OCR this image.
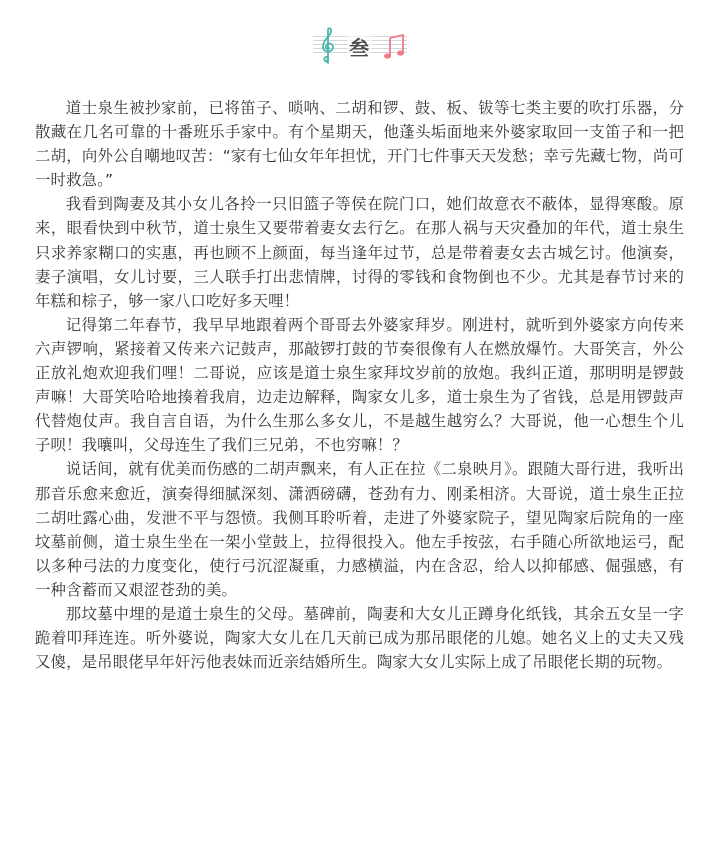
叁

道士泉生被抄家前，已将笛子、唢呐、二胡和锣、鼓、板、钹等七类主要的吹打乐器，分散藏在几名可靠的十番班乐手家中。有个星期天，他蓬头垢面地来外婆家取回一支笛子和一把二胡，向外公自嘲地叹苦：“家有七仙女年年担忧，开门七件事天天发愁；幸亏先藏七物，尚可一时救急。”

我看到陶妻及其小女儿各拎一只旧篮子等侯在院门口，她们故意衣不蔽体，显得寒酸。原来，眼看快到中秋节，道士泉生又要带着妻女去行乞。在那人祸与天灾叠加的年代，道士泉生只求养家糊口的实惠，再也顾不上颜面，每当逢年过节，总是带着妻女去古城乞讨。他演奏，妻子演唱，女儿讨要，三人联手打出悲情牌，讨得的零钱和食物倒也不少。尤其是春节讨来的年糕和棕子，够一家八口吃好多天哩！

记得第二年春节，我早早地跟着两个哥哥去外婆家拜岁。刚进村，就听到外婆家方向传来六声锣响，紧接着又传来六记鼓声，那敲锣打鼓的节奏很像有人在燃放爆竹。大哥笑言，外公正放礼炮欢迎我们哩！二哥说，应该是道士泉生家拜坟岁前的放炮。我纠正道，那明明是锣鼓声嘛！大哥笑哈哈地揍着我肩，边走边解释，陶家女儿多，道士泉生为了省钱，总是用锣鼓声代替炮仗声。我自言自语，为什么生那么多女儿，不是越生越穷么？大哥说，他一心想生个儿子呗！我嚷叫，父母连生了我们三兄弟，不也穷嘛！？

说话间，就有优美而伤感的二胡声飘来，有人正在拉《二泉映月》。跟随大哥行进，我听出那音乐愈来愈近，演奏得细腻深刻、潇洒磅礴，苍劲有力、刚柔相济。大哥说，道士泉生正拉二胡吐露心曲，发泄不平与怨愤。我侧耳聆听着，走进了外婆家院子，望见陶家后院角的一座坟墓前侧，道士泉生坐在一架小堂鼓上，拉得很投入。他左手按弦，右手随心所欲地运弓，配以多种弓法的力度变化，使行弓沉涩凝重，力感横溢，内在含忍，给人以抑郁感、倔强感，有一种含蓄而又艰涩苍劲的美。

那坟墓中埋的是道士泉生的父母。墓碑前，陶妻和大女儿正蹲身化纸钱，其余五女呈一字跪着叩拜连连。听外婆说，陶家大女儿在几天前已成为那吊眼佬的儿媳。她名义上的丈夫又残又傻，是吊眼佬早年奸污他表妹而近亲结婚所生。陶家大女儿实际上成了吊眼佬长期的玩物。
